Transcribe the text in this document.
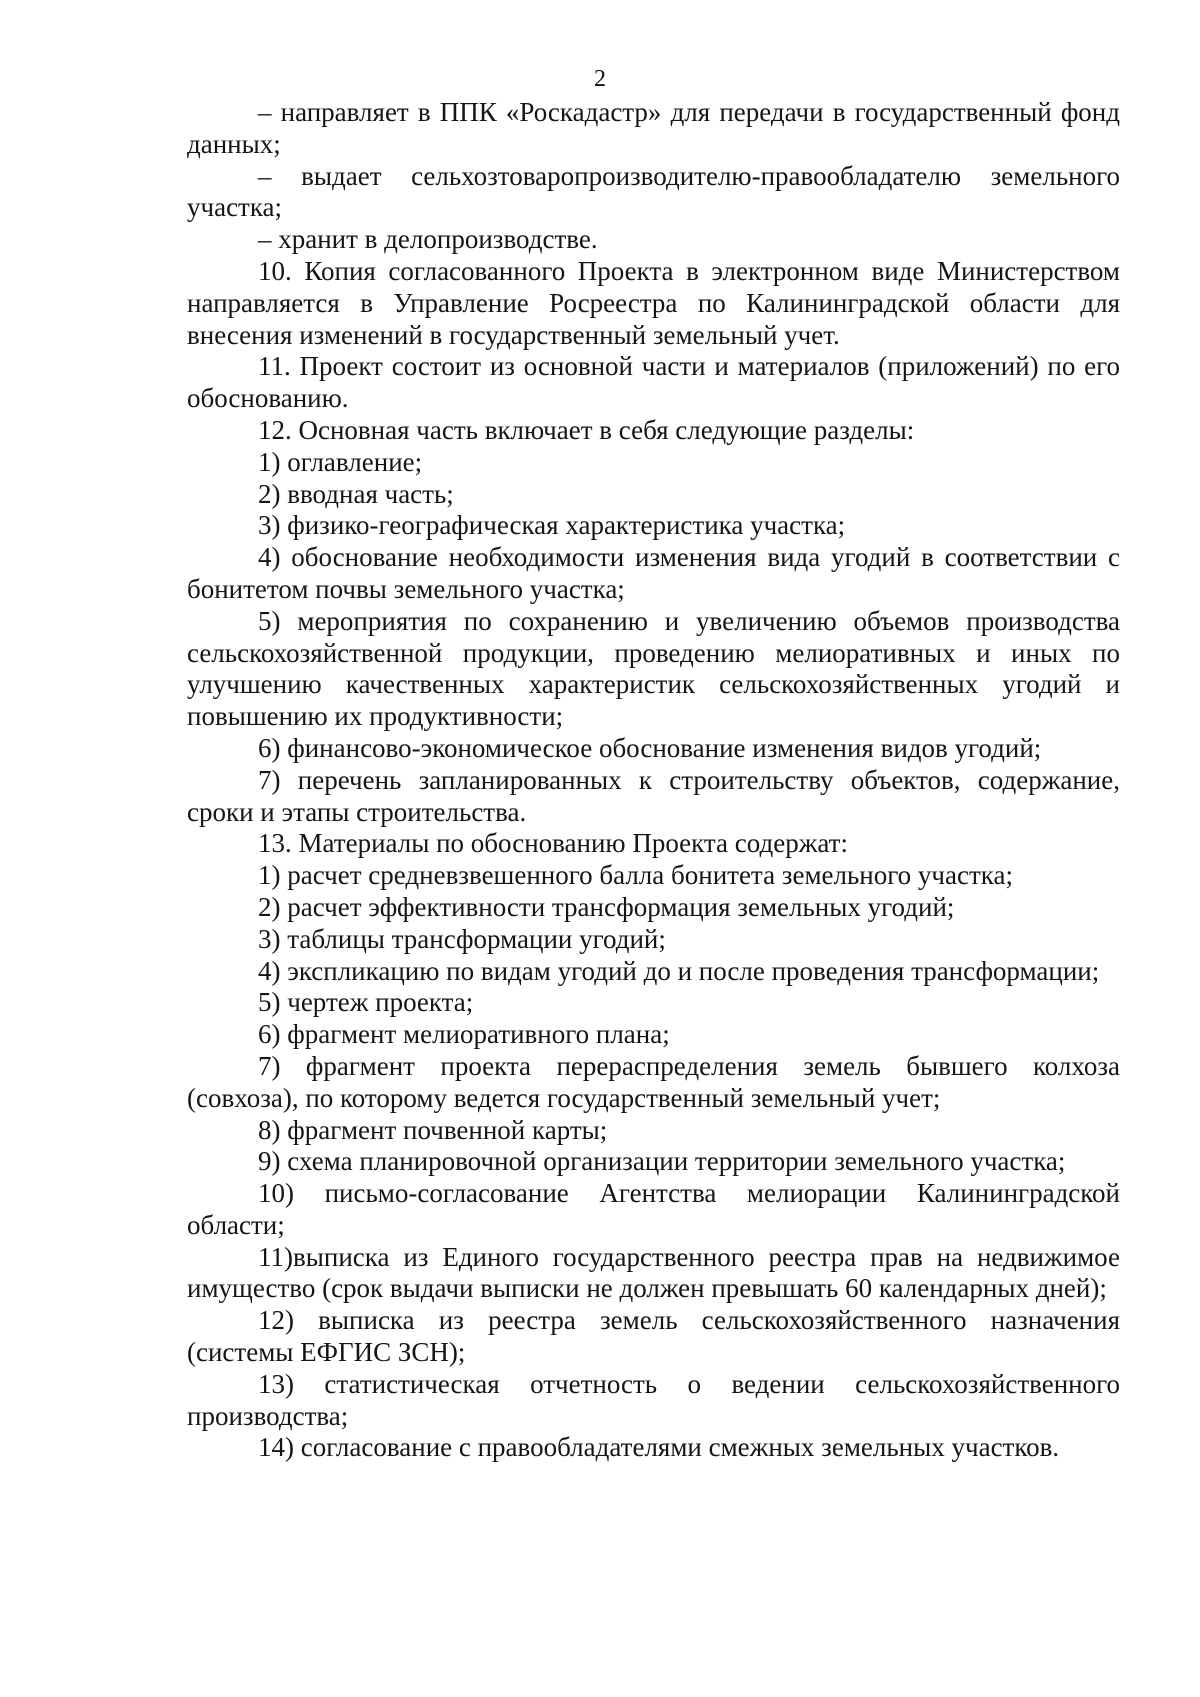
2

– направляет в ППК «Роскадастр» для передачи в государственный фонд данных;

– выдает сельхозтоваропроизводителю-правообладателю земельного участка;

– хранит в делопроизводстве.

10. Копия согласованного Проекта в электронном виде Министерством направляется в Управление Росреестра по Калининградской области для внесения изменений в государственный земельный учет.

11. Проект состоит из основной части и материалов (приложений) по его обоснованию.

12. Основная часть включает в себя следующие разделы:

1) оглавление;

2) вводная часть;

3) физико-географическая характеристика участка;

4) обоснование необходимости изменения вида угодий в соответствии с бонитетом почвы земельного участка;

5) мероприятия по сохранению и увеличению объемов производства сельскохозяйственной продукции, проведению мелиоративных и иных по улучшению качественных характеристик сельскохозяйственных угодий и повышению их продуктивности;

6) финансово-экономическое обоснование изменения видов угодий;

7) перечень запланированных к строительству объектов, содержание, сроки и этапы строительства.

13. Материалы по обоснованию Проекта содержат:

1) расчет средневзвешенного балла бонитета земельного участка;

2) расчет эффективности трансформация земельных угодий;

3) таблицы трансформации угодий;

4) экспликацию по видам угодий до и после проведения трансформации;

5) чертеж проекта;

6) фрагмент мелиоративного плана;

7) фрагмент проекта перераспределения земель бывшего колхоза (совхоза), по которому ведется государственный земельный учет;

8) фрагмент почвенной карты;

9) схема планировочной организации территории земельного участка;

10) письмо-согласование Агентства мелиорации Калининградской области;

11)выписка из Единого государственного реестра прав на недвижимое имущество (срок выдачи выписки не должен превышать 60 календарных дней);

12) выписка из реестра земель сельскохозяйственного назначения (системы ЕФГИС ЗСН);

13) статистическая отчетность о ведении сельскохозяйственного производства;

14) согласование с правообладателями смежных земельных участков.
